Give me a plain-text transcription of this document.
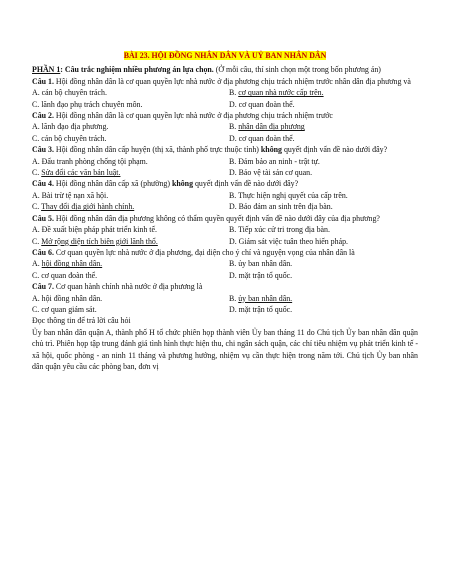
BÀI 23. HỘI ĐỒNG NHÂN DÂN VÀ UỶ BAN NHÂN DÂN

PHẦN 1: Câu trắc nghiệm nhiều phương án lựa chọn. (Ở mỗi câu, thí sinh chọn một trong bốn phương án)

Câu 1. Hội đồng nhân dân là cơ quan quyền lực nhà nước ở địa phương chịu trách nhiệm trước nhân dân địa phương và

A. cán bộ chuyên trách.	B. cơ quan nhà nước cấp trên.
C. lãnh đạo phụ trách chuyên môn.	D. cơ quan đoàn thể.

Câu 2. Hội đồng nhân dân là cơ quan quyền lực nhà nước ở địa phương chịu trách nhiệm trước

A. lãnh đạo địa phương.	B. nhân dân địa phương
C. cán bộ chuyên trách.	D. cơ quan đoàn thể.

Câu 3. Hội đồng nhân dân cấp huyện (thị xã, thành phố trực thuộc tỉnh) không quyết định vấn đề nào dưới đây?

A. Đấu tranh phòng chống tội phạm.	B. Đảm bảo an ninh - trật tự.
C. Sửa đổi các văn bản luật.	D. Bảo vệ tài sản cơ quan.

Câu 4. Hội đồng nhân dân cấp xã (phường) không quyết định vấn đề nào dưới đây?

A. Bài trừ tệ nạn xã hội.	B. Thực hiện nghị quyết của cấp trên.
C. Thay đổi địa giới hành chính.	D. Bảo đảm an sinh trên địa bàn.

Câu 5. Hội đồng nhân dân địa phương không có thẩm quyền quyết định vấn đề nào dưới đây của địa phương?

A. Đề xuất biện pháp phát triển kinh tế.	B. Tiếp xúc cử tri trong địa bàn.
C. Mở rộng diện tích biên giới lãnh thổ.	D. Giám sát việc tuân theo hiến pháp.

Câu 6. Cơ quan quyền lực nhà nước ở địa phương, đại diện cho ý chí và nguyện vọng của nhân dân là

A. hội đồng nhân dân.	B. ủy ban nhân dân.
C. cơ quan đoàn thể.	D. mặt trận tổ quốc.

Câu 7. Cơ quan hành chính nhà nước ở địa phương là

A. hội đồng nhân dân.	B. ủy ban nhân dân.
C. cơ quan giám sát.	D. mặt trận tổ quốc.

Đọc thông tin để trả lời câu hỏi

Ủy ban nhân dân quận A, thành phố H tổ chức phiên họp thành viên Ủy ban tháng 11 do Chủ tịch Ủy ban nhân dân quận chủ trì. Phiên họp tập trung đánh giá tình hình thực hiện thu, chi ngân sách quận, các chỉ tiêu nhiệm vụ phát triển kinh tế - xã hội, quốc phòng - an ninh 11 tháng và phương hướng, nhiệm vụ cần thực hiện trong năm tới. Chủ tịch Ủy ban nhân dân quận yêu cầu các phòng ban, đơn vị
